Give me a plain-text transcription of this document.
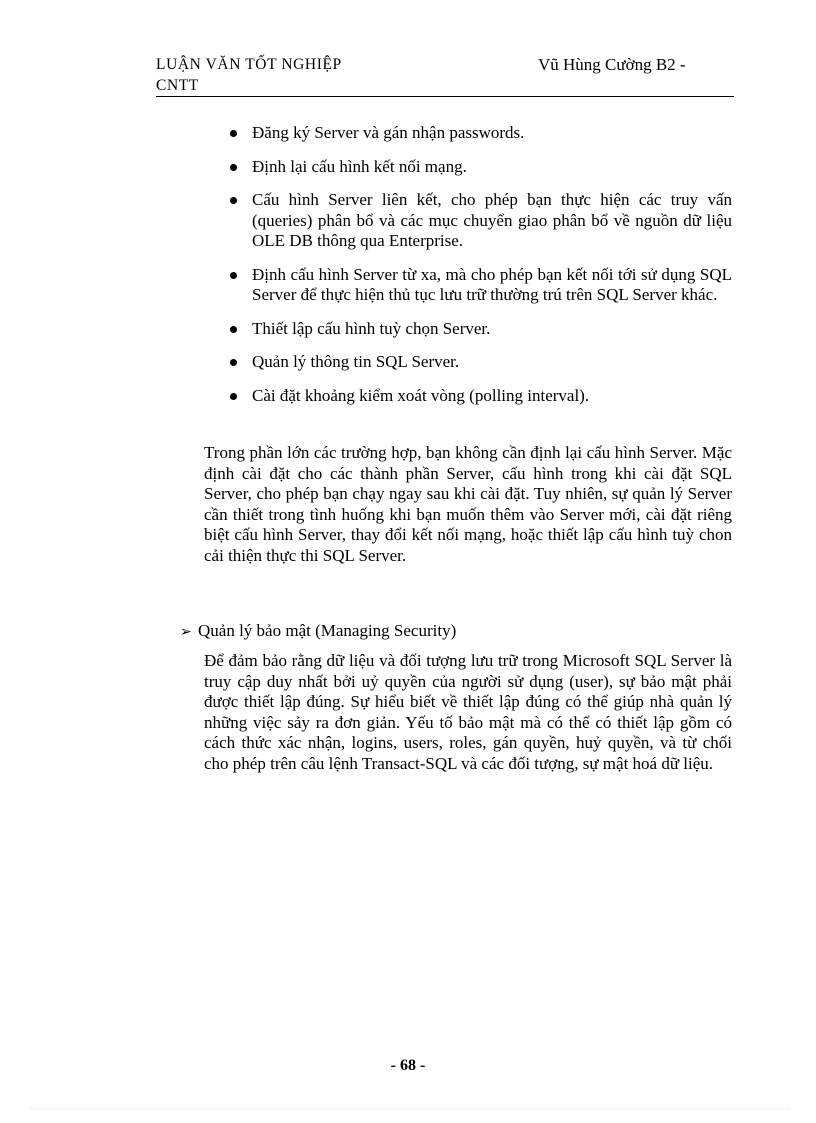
LUẬN VĂN TỐT NGHIỆP
CNTT
Vũ Hùng Cường B2 -
Đăng ký Server và gán nhận passwords.
Định lại cấu hình kết nối mạng.
Cấu hình Server liên kết, cho phép bạn thực hiện các truy vấn (queries) phân bổ và các mục chuyển giao phân bổ về nguồn dữ liệu OLE DB thông qua Enterprise.
Định cấu hình Server từ xa, mà cho phép bạn kết nối tới sử dụng SQL Server để thực hiện thủ tục lưu trữ thường trú trên SQL Server khác.
Thiết lập cấu hình tuỳ chọn Server.
Quản lý thông tin SQL Server.
Cài đặt khoảng kiểm xoát vòng (polling interval).
Trong phần lớn các trường hợp, bạn không cần định lại cấu hình Server. Mặc định cài đặt cho các thành phần Server, cấu hình trong khi cài đặt SQL Server, cho phép bạn chạy ngay sau khi cài đặt. Tuy nhiên, sự quản lý Server cần thiết trong tình huống khi bạn muốn thêm vào Server mới, cài đặt riêng biệt cấu hình Server, thay đổi kết nối mạng, hoặc thiết lập cấu hình tuỳ chon cải thiện thực thi SQL Server.
➢ Quản lý bảo mật (Managing Security)
Để đảm bảo rằng dữ liệu và đối tượng lưu trữ trong Microsoft SQL Server là truy cập duy nhất bởi uỷ quyền của người sử dụng (user), sự bảo mật phải được thiết lập đúng. Sự hiểu biết về thiết lập đúng có thể giúp nhà quản lý những việc sảy ra đơn giản. Yếu tố bảo mật mà có thể có thiết lập gồm có cách thức xác nhận, logins, users, roles, gán quyền, huỷ quyền, và từ chối cho phép trên câu lệnh Transact-SQL và các đối tượng, sự mật hoá dữ liệu.
- 68 -
